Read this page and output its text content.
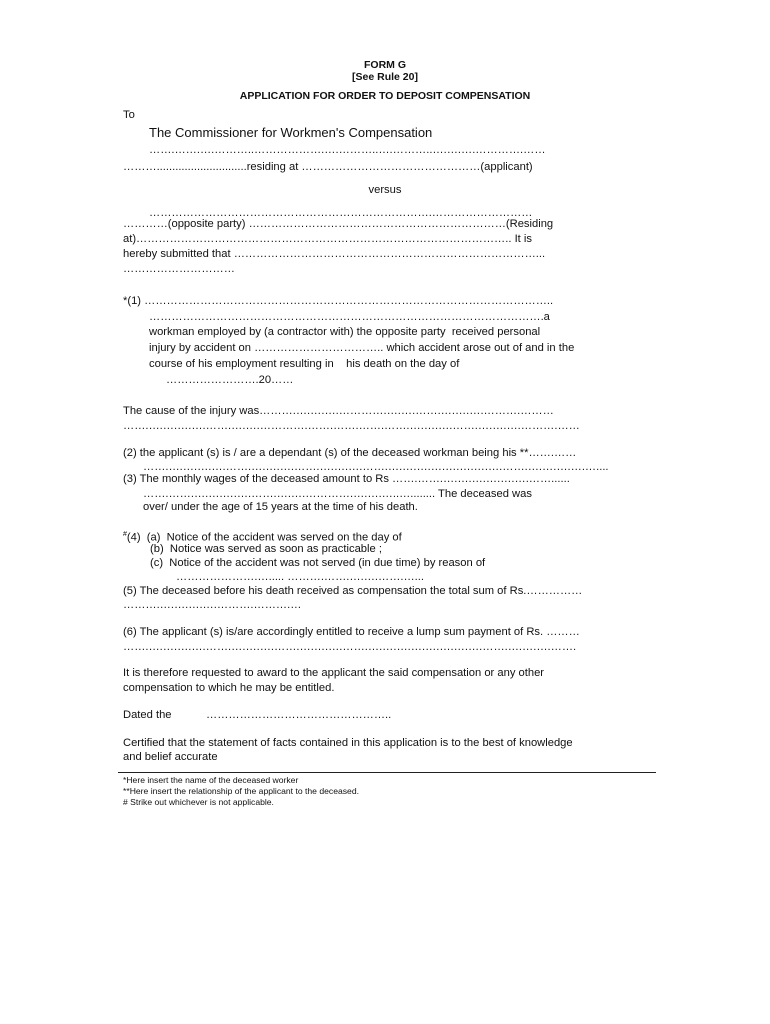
FORM G
[See Rule 20]
APPLICATION FOR ORDER TO DEPOSIT COMPENSATION
To
The Commissioner for Workmen's Compensation
…….…….….………..……………….….………..….………..….….….………….……
……….............................residing at …………………………………………(applicant)
versus
………………………………………………………………….………………………
…………(opposite party) ……………………………………………………………(Residing
at)……………………………………………………………………………………….. It is
hereby submitted that ………………………………………………………………………...
…………………………
*(1) ………………………………………………………………………………………………..
…………………………………………………………………………………………….a
workman employed by (a contractor with) the opposite party  received personal
injury by accident on …………………………….. which accident arose out of and in the
course of his employment resulting in    his death on the day of
…………………….20……
The cause of the injury was……….….….….………….….….…….….….….……….………
…….….….….….…….….….………….…….…….…….…….….….….…….….….….……….……
(2) the applicant (s) is / are a dependant (s) of the deceased workman being his **…….……
…….….….….….…….….….….…….….….….…….….….….….….….….….…….….….….….…....
(3) The monthly wages of the deceased amount to Rs …….…….….….….….….….……......
…….…….….….….….…….….….………….….….…..…........ The deceased was
over/ under the age of 15 years at the time of his death.
#(4)  (a)  Notice of the accident was served on the day of
(b)  Notice was served as soon as practicable ;
(c)  Notice of the accident was not served (in due time) by reason of
………………….…..... ……….…….….….…….…...
(5) The deceased before his death received as compensation the total sum of Rs.……………
……….….….….….……….……….…
(6) The applicant (s) is/are accordingly entitled to receive a lump sum payment of Rs. ………
…….….….….….…….….….….…….….….….…….….….….….….….….….…….….….….…….
It is therefore requested to award to the applicant the said compensation or any other
compensation to which he may be entitled.
Dated the	…………………………………………..
Certified that the statement of facts contained in this application is to the best of knowledge
and belief accurate
*Here insert the name of the deceased worker
**Here insert the relationship of the applicant to the deceased.
# Strike out whichever is not applicable.
